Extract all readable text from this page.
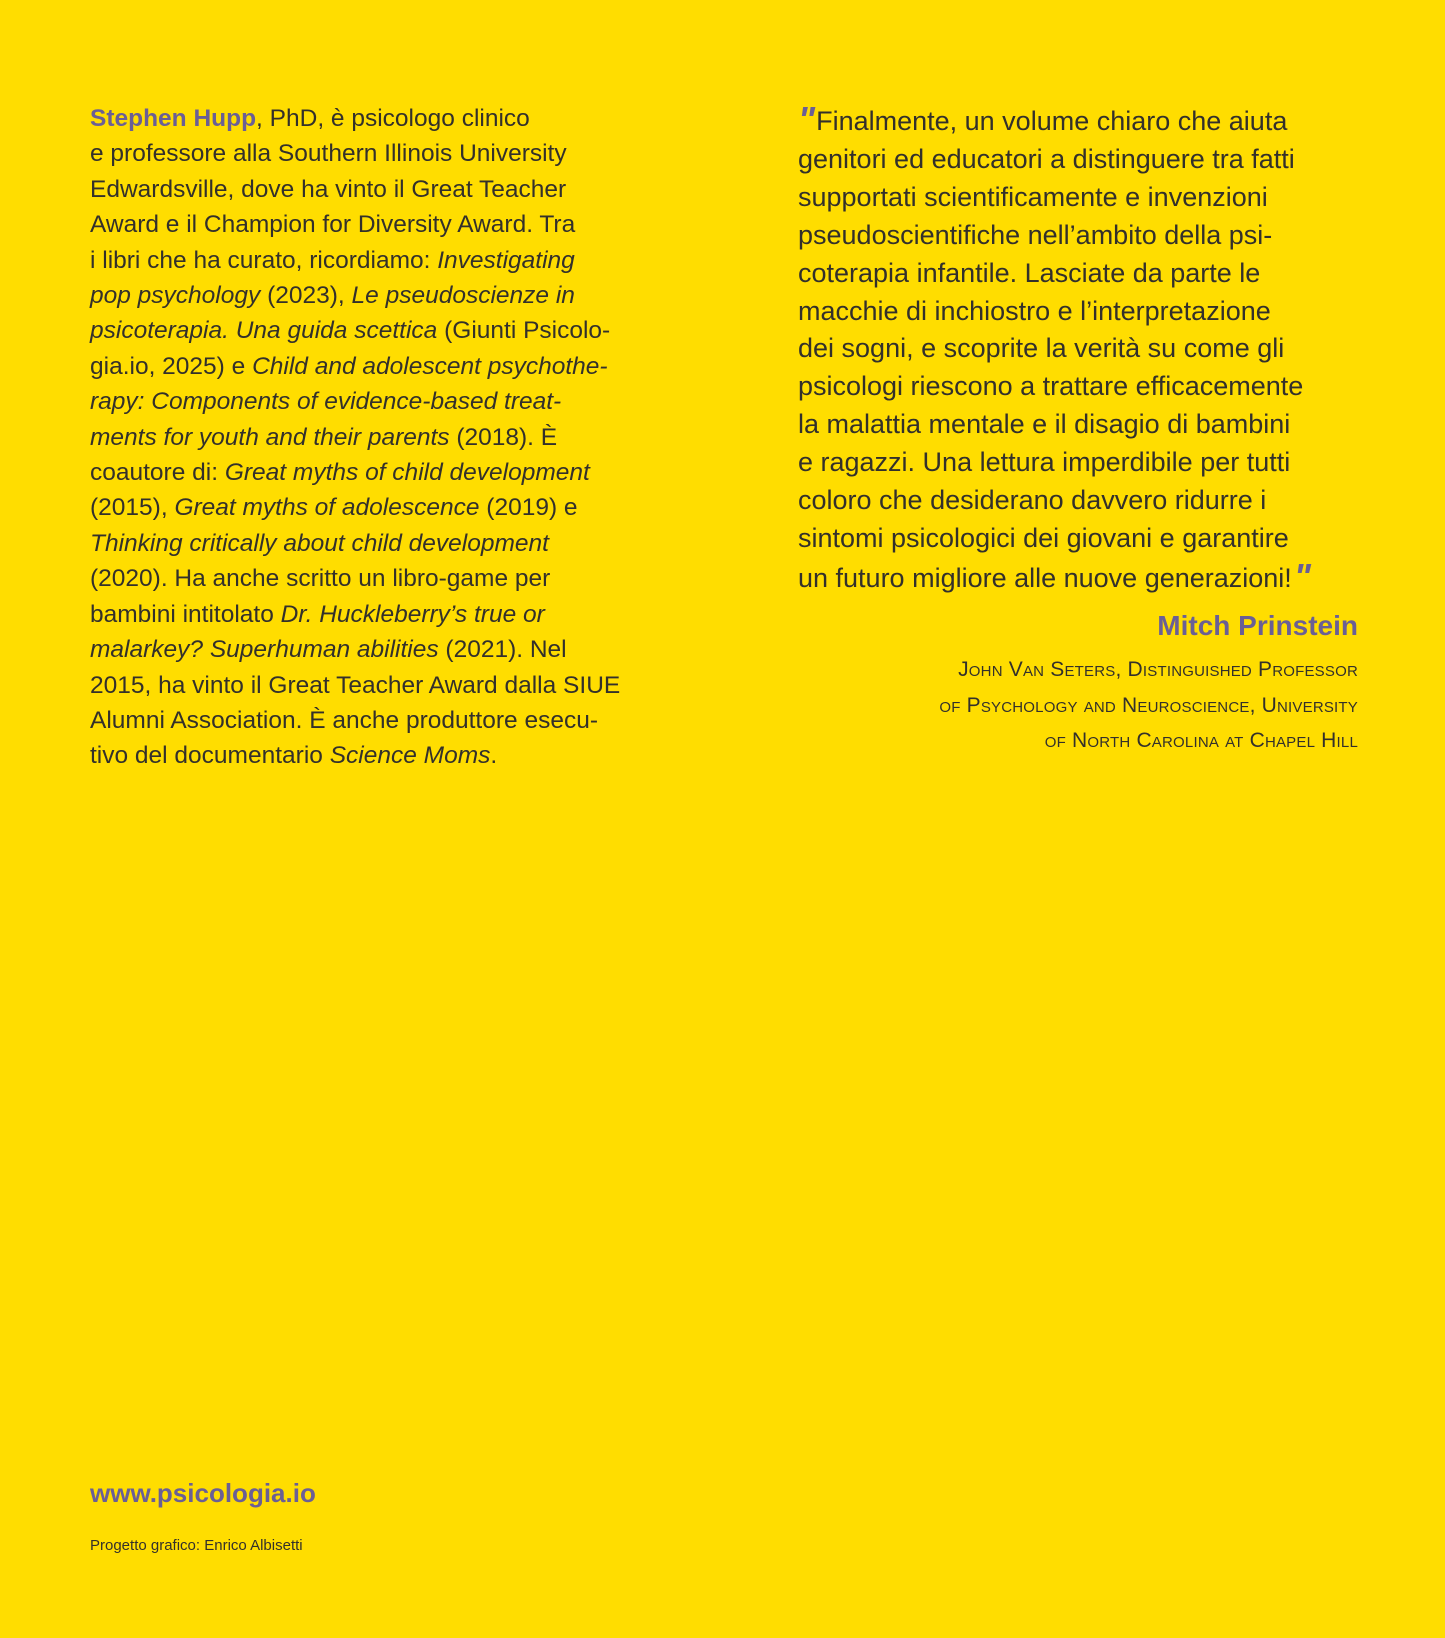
Stephen Hupp, PhD, è psicologo clinico
e professore alla Southern Illinois University
Edwardsville, dove ha vinto il Great Teacher
Award e il Champion for Diversity Award. Tra
i libri che ha curato, ricordiamo: Investigating
pop psychology (2023), Le pseudoscienze in
psicoterapia. Una guida scettica (Giunti Psicolo-
gia.io, 2025) e Child and adolescent psychothe-
rapy: Components of evidence-based treat-
ments for youth and their parents (2018). È
coautore di: Great myths of child development
(2015), Great myths of adolescence (2019) e
Thinking critically about child development
(2020). Ha anche scritto un libro-game per
bambini intitolato Dr. Huckleberry’s true or
malarkey? Superhuman abilities (2021). Nel
2015, ha vinto il Great Teacher Award dalla SIUE
Alumni Association. È anche produttore esecu-
tivo del documentario Science Moms.
" Finalmente, un volume chiaro che aiuta
genitori ed educatori a distinguere tra fatti
supportati scientificamente e invenzioni
pseudoscientifiche nell’ambito della psi-
coterapia infantile. Lasciate da parte le
macchie di inchiostro e l’interpretazione
dei sogni, e scoprite la verità su come gli
psicologi riescono a trattare efficacemente
la malattia mentale e il disagio di bambini
e ragazzi. Una lettura imperdibile per tutti
coloro che desiderano davvero ridurre i
sintomi psicologici dei giovani e garantire
un futuro migliore alle nuove generazioni!"
Mitch Prinstein
John Van Seters, Distinguished Professor
of Psychology and Neuroscience, University
of North Carolina at Chapel Hill
www.psicologia.io
Progetto grafico: Enrico Albisetti
